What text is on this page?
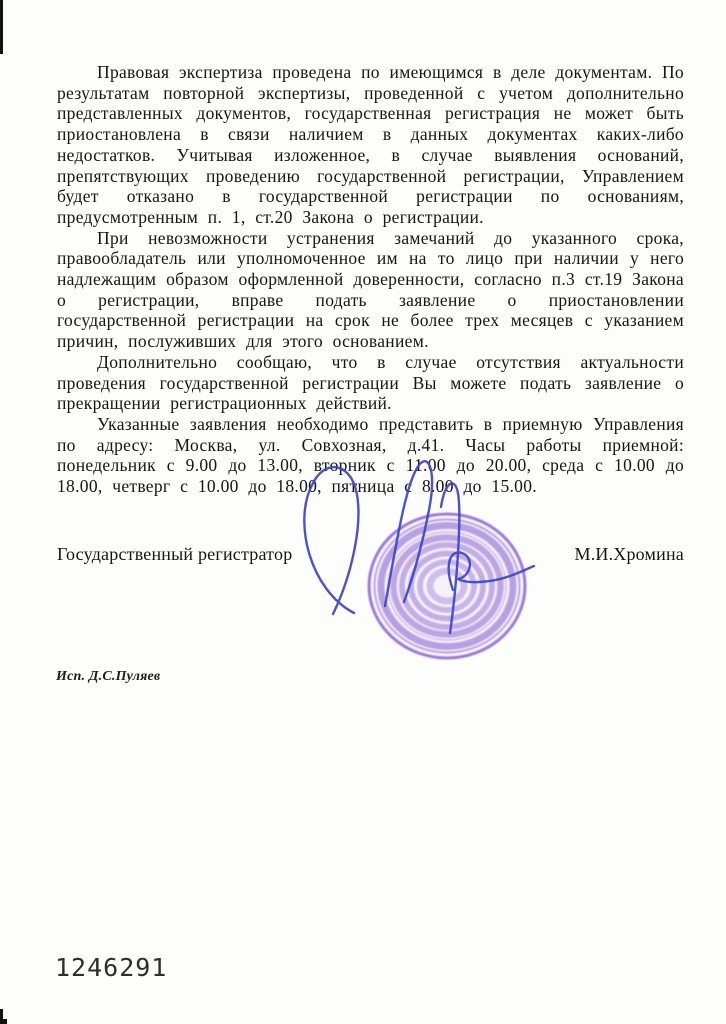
Правовая экспертиза проведена по имеющимся в деле документам. По результатам повторной экспертизы, проведенной с учетом дополнительно представленных документов, государственная регистрация не может быть приостановлена в связи наличием в данных документах каких-либо недостатков. Учитывая изложенное, в случае выявления оснований, препятствующих проведению государственной регистрации, Управлением будет отказано в государственной регистрации по основаниям, предусмотренным п. 1, ст.20 Закона о регистрации.

При невозможности устранения замечаний до указанного срока, правообладатель или уполномоченное им на то лицо при наличии у него надлежащим образом оформленной доверенности, согласно п.3 ст.19 Закона о регистрации, вправе подать заявление о приостановлении государственной регистрации на срок не более трех месяцев с указанием причин, послуживших для этого основанием.

Дополнительно сообщаю, что в случае отсутствия актуальности проведения государственной регистрации Вы можете подать заявление о прекращении регистрационных действий.

Указанные заявления необходимо представить в приемную Управления по адресу: Москва, ул. Совхозная, д.41. Часы работы приемной: понедельник с 9.00 до 13.00, вторник с 11.00 до 20.00, среда с 10.00 до 18.00, четверг с 10.00 до 18.00, пятница с 8.00 до 15.00.

Государственный регистратор	М.И.Хромина
Исп. Д.С.Пуляев
1246291
